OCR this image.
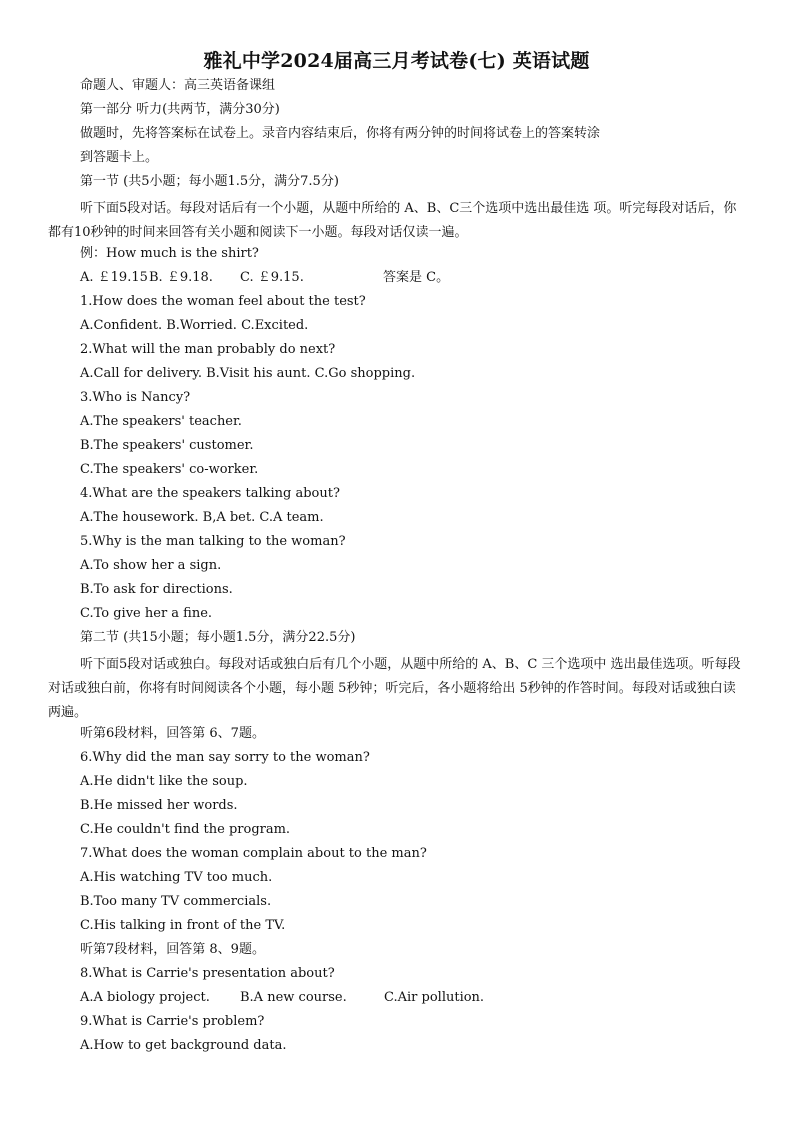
雅礼中学2024届高三月考试卷(七) 英语试题
命题人、审题人：高三英语备课组
第一部分 听力(共两节，满分30分)
做题时，先将答案标在试卷上。录音内容结束后，你将有两分钟的时间将试卷上的答案转涂
到答题卡上。
第一节 (共5小题；每小题1.5分，满分7.5分)
听下面5段对话。每段对话后有一个小题，从题中所给的 A、B、C三个选项中选出最佳选 项。听完每段对话后，你都有10秒钟的时间来回答有关小题和阅读下一小题。每段对话仅读一遍。
例：How much is the shirt?
A. ￡19.15 B. ￡9.18.	C. ￡9.15.	答案是 C。
1.How does the woman feel about the test?
A.Confident. B.Worried. C.Excited.
2.What will the man probably do next?
A.Call for delivery. B.Visit his aunt. C.Go shopping.
3.Who is Nancy?
A.The speakers' teacher.
B.The speakers' customer.
C.The speakers' co-worker.
4.What are the speakers talking about?
A.The housework. B,A bet. C.A team.
5.Why is the man talking to the woman?
A.To show her a sign.
B.To ask for directions.
C.To give her a fine.
第二节 (共15小题；每小题1.5分，满分22.5分)
听下面5段对话或独白。每段对话或独白后有几个小题，从题中所给的 A、B、C 三个选项中 选出最佳选项。听每段对话或独白前，你将有时间阅读各个小题，每小题 5秒钟；听完后，各小题将给出 5秒钟的作答时间。每段对话或独白读两遍。
听第6段材料，回答第 6、7题。
6.Why did the man say sorry to the woman?
A.He didn't like the soup.
B.He missed her words.
C.He couldn't find the program.
7.What does the woman complain about to the man?
A.His watching TV too much.
B.Too many TV commercials.
C.His talking in front of the TV.
听第7段材料，回答第 8、9题。
8.What is Carrie's presentation about?
A.A biology project.	B.A new course.	C.Air pollution.
9.What is Carrie's problem?
A.How to get background data.
